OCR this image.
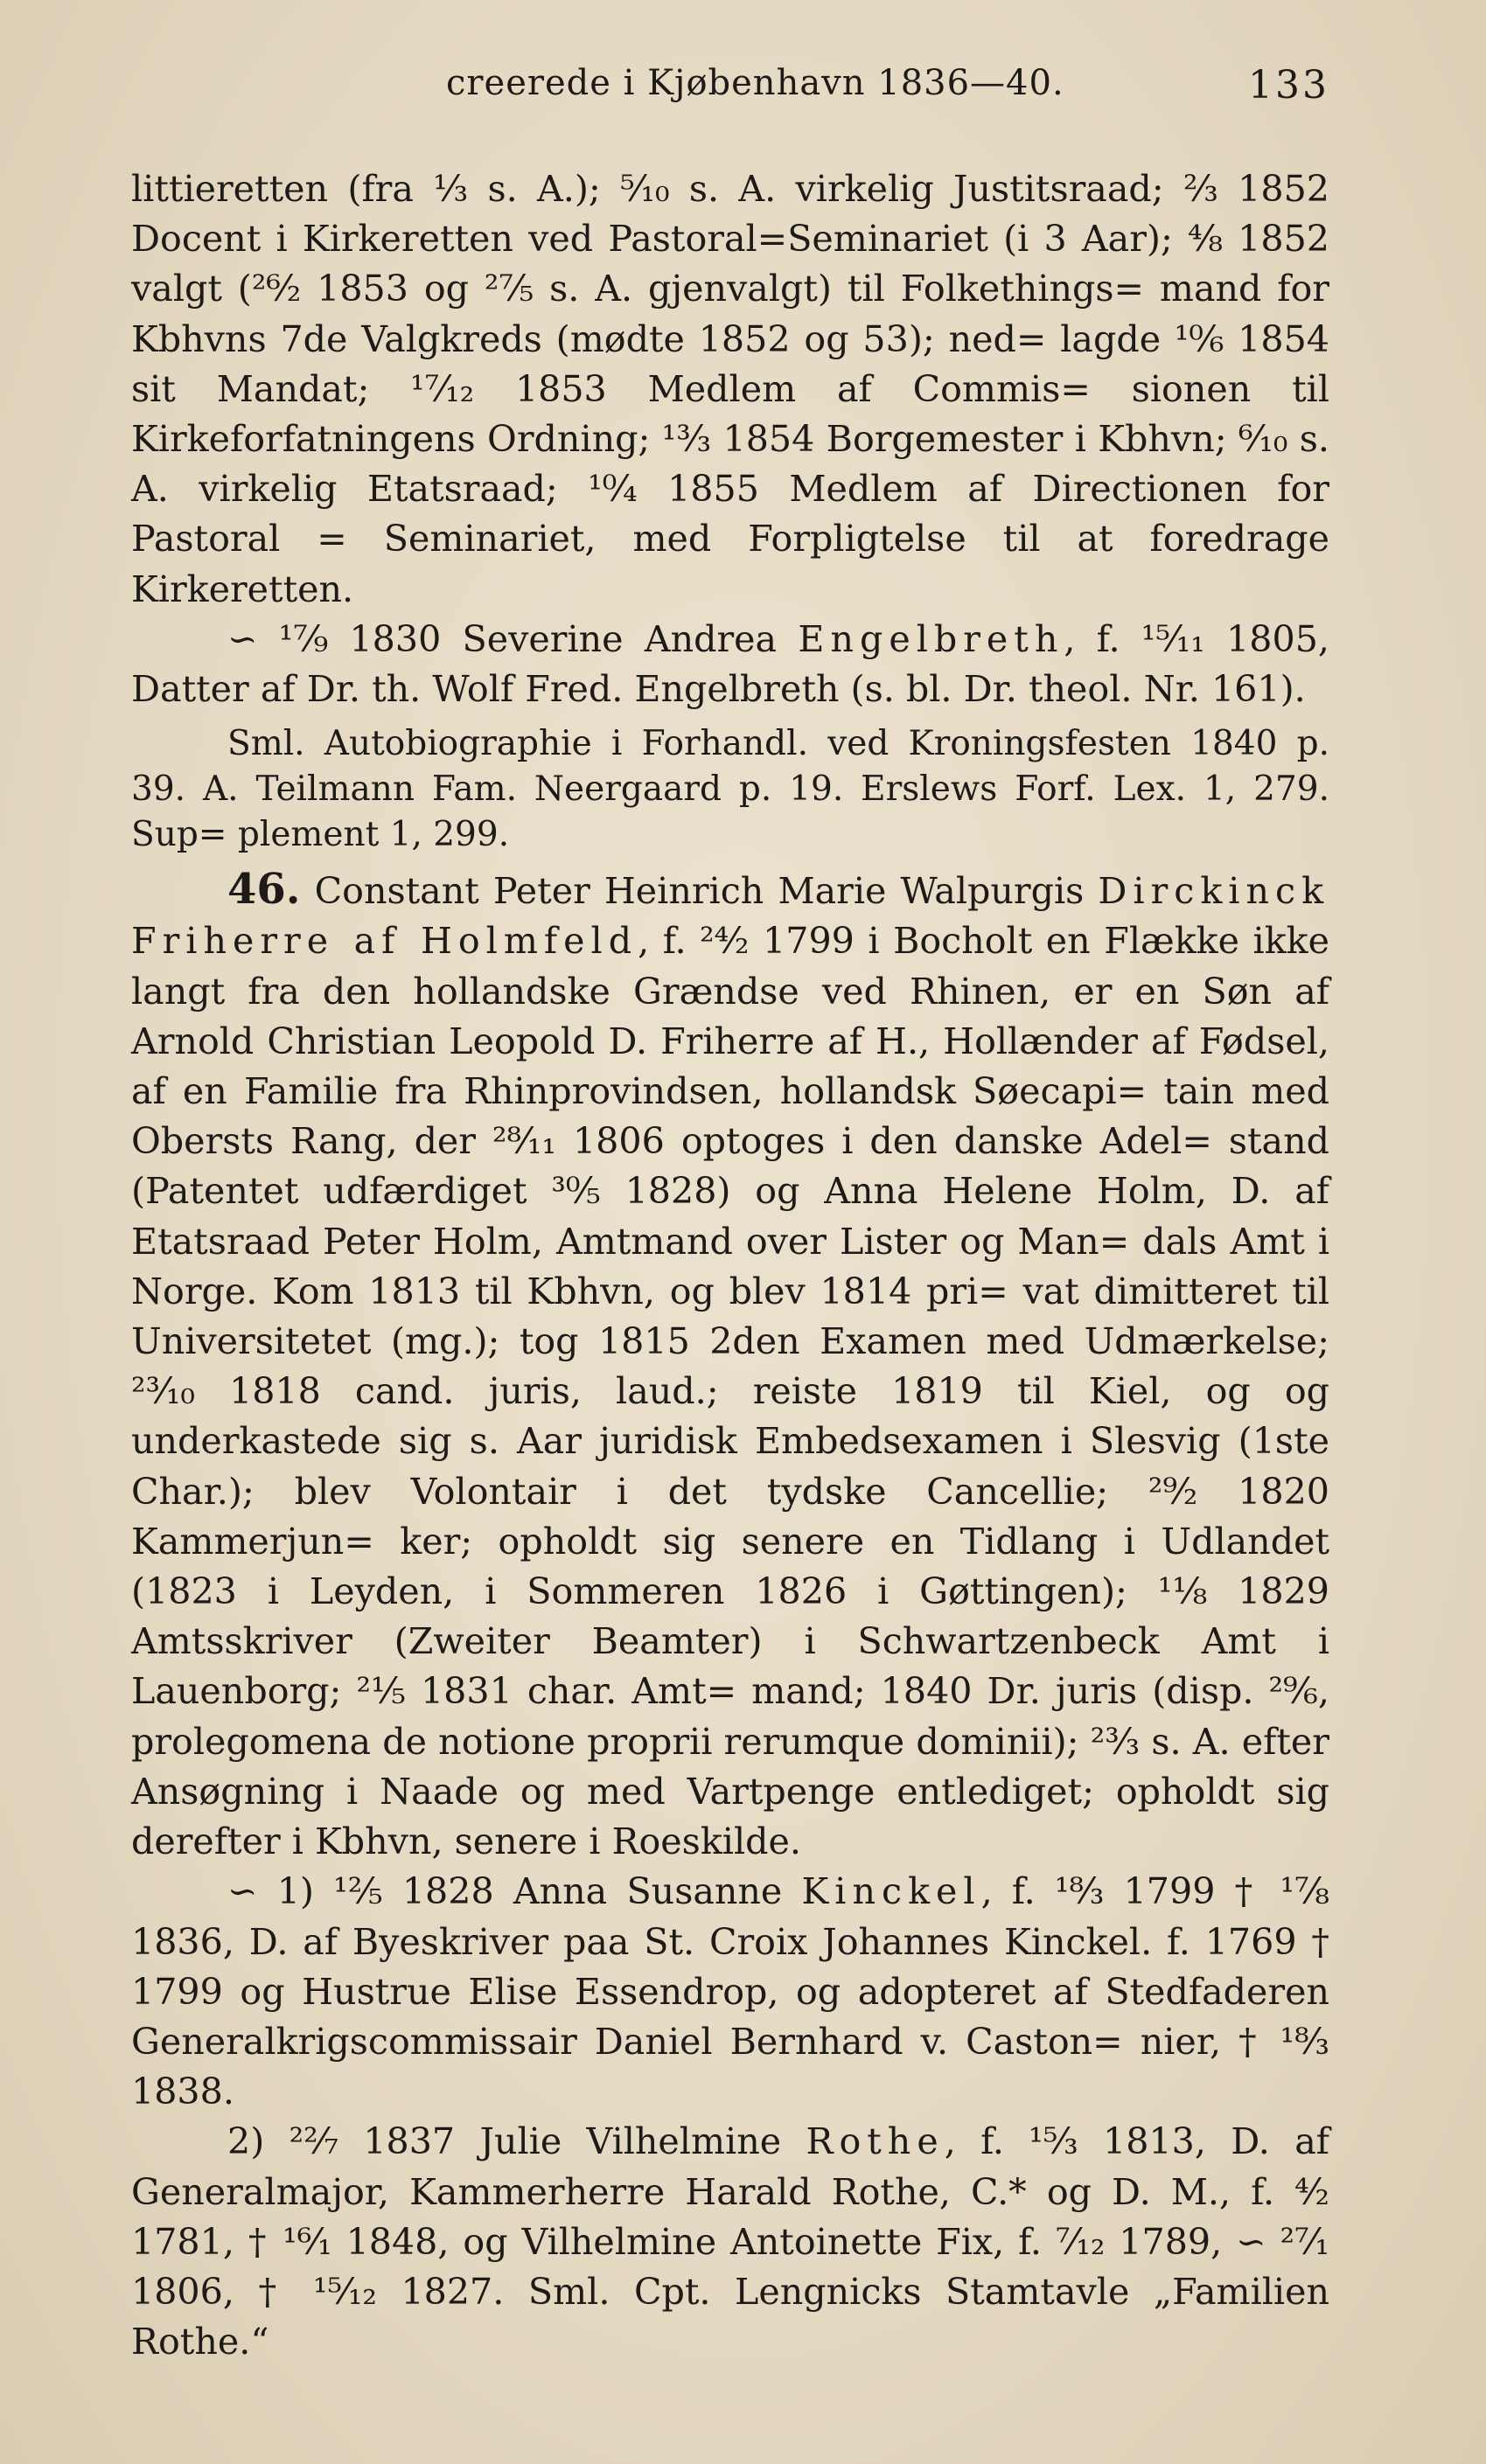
creerede i Kjøbenhavn 1836—40.	133

littieretten (fra ⅓ s. A.); ⁵⁄₁₀ s. A. virkelig Justitsraad; ⅔ 1852 Docent i Kirkeretten ved Pastoral=Seminariet (i 3 Aar); ⁴⁄₈ 1852 valgt (²⁶⁄₂ 1853 og ²⁷⁄₅ s. A. gjenvalgt) til Folkethings= mand for Kbhvns 7de Valgkreds (mødte 1852 og 53); ned= lagde ¹⁰⁄₆ 1854 sit Mandat; ¹⁷⁄₁₂ 1853 Medlem af Commis= sionen til Kirkeforfatningens Ordning; ¹³⁄₃ 1854 Borgemester i Kbhvn; ⁶⁄₁₀ s. A. virkelig Etatsraad; ¹⁰⁄₄ 1855 Medlem af Directionen for Pastoral = Seminariet, med Forpligtelse til at foredrage Kirkeretten.

∽ ¹⁷⁄₉ 1830 Severine Andrea Engelbreth, f. ¹⁵⁄₁₁ 1805, Datter af Dr. th. Wolf Fred. Engelbreth (s. bl. Dr. theol. Nr. 161).

Sml. Autobiographie i Forhandl. ved Kroningsfesten 1840 p. 39. A. Teilmann Fam. Neergaard p. 19. Erslews Forf. Lex. 1, 279. Sup= plement 1, 299.

46. Constant Peter Heinrich Marie Walpurgis Dirckinck Friherre af Holmfeld, f. ²⁴⁄₂ 1799 i Bocholt en Flække ikke langt fra den hollandske Grændse ved Rhinen, er en Søn af Arnold Christian Leopold D. Friherre af H., Hollænder af Fødsel, af en Familie fra Rhinprovindsen, hollandsk Søecapi= tain med Obersts Rang, der ²⁸⁄₁₁ 1806 optoges i den danske Adel= stand (Patentet udfærdiget ³⁰⁄₅ 1828) og Anna Helene Holm, D. af Etatsraad Peter Holm, Amtmand over Lister og Man= dals Amt i Norge. Kom 1813 til Kbhvn, og blev 1814 pri= vat dimitteret til Universitetet (mg.); tog 1815 2den Examen med Udmærkelse; ²³⁄₁₀ 1818 cand. juris, laud.; reiste 1819 til Kiel, og og underkastede sig s. Aar juridisk Embedsexamen i Slesvig (1ste Char.); blev Volontair i det tydske Cancellie; ²⁹⁄₂ 1820 Kammerjun= ker; opholdt sig senere en Tidlang i Udlandet (1823 i Leyden, i Sommeren 1826 i Gøttingen); ¹¹⁄₈ 1829 Amtsskriver (Zweiter Beamter) i Schwartzenbeck Amt i Lauenborg; ²¹⁄₅ 1831 char. Amt= mand; 1840 Dr. juris (disp. ²⁹⁄₆, prolegomena de notione proprii rerumque dominii); ²³⁄₃ s. A. efter Ansøgning i Naade og med Vartpenge entlediget; opholdt sig derefter i Kbhvn, senere i Roeskilde.

∽ 1) ¹²⁄₅ 1828 Anna Susanne Kinckel, f. ¹⁸⁄₃ 1799 † ¹⁷⁄₈ 1836, D. af Byeskriver paa St. Croix Johannes Kinckel. f. 1769 † 1799 og Hustrue Elise Essendrop, og adopteret af Stedfaderen Generalkrigscommissair Daniel Bernhard v. Caston= nier, † ¹⁸⁄₃ 1838.

2) ²²⁄₇ 1837 Julie Vilhelmine Rothe, f. ¹⁵⁄₃ 1813, D. af Generalmajor, Kammerherre Harald Rothe, C.* og D. M., f. ⁴⁄₂ 1781, † ¹⁶⁄₁ 1848, og Vilhelmine Antoinette Fix, f. ⁷⁄₁₂ 1789, ∽ ²⁷⁄₁ 1806, † ¹⁵⁄₁₂ 1827. Sml. Cpt. Lengnicks Stamtavle „Familien Rothe.“
